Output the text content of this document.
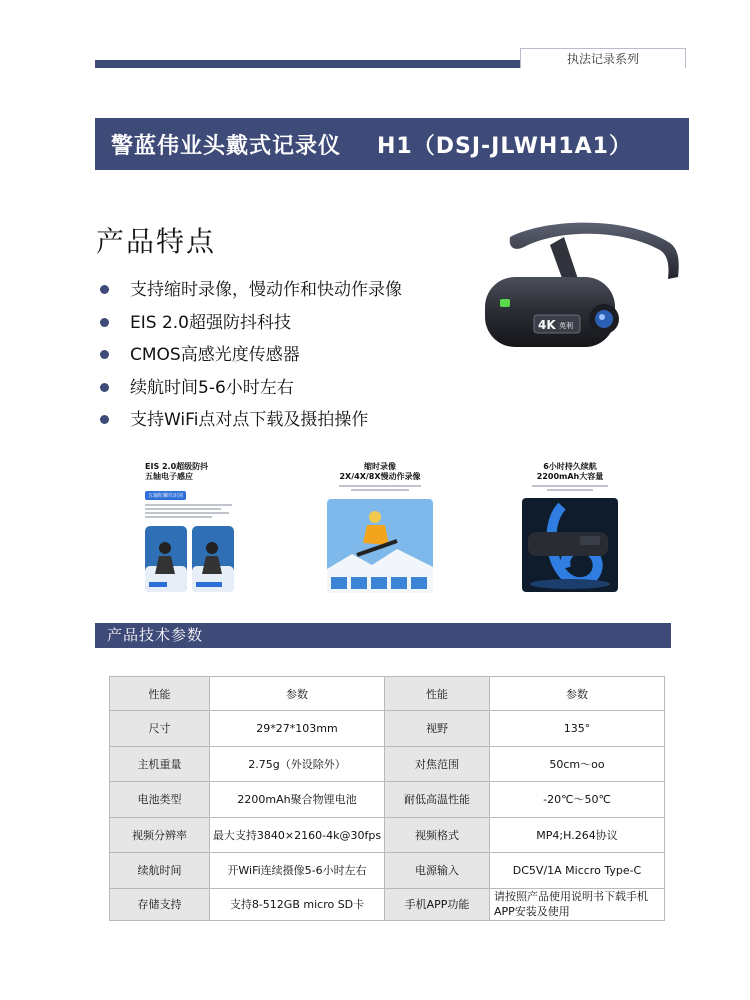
执法记录系列
警蓝伟业头戴式记录仪 H1（DSJ-JLWH1A1）
产品特点
支持缩时录像，慢动作和快动作录像
EIS 2.0超强防抖科技
CMOS高感光度传感器
续航时间5-6小时左右
支持WiFi点对点下载及摄拍操作
4K 英利
EIS 2.0超级防抖
五轴电子感应
五轴陀螺仪识别
缩时录像
2X/4X/8X慢动作录像
6小时持久续航
2200mAh大容量
产品技术参数
性能	参数	性能	参数
尺寸	29*27*103mm	视野	135°
主机重量	2.75g（外设除外）	对焦范围	50cm～oo
电池类型	2200mAh聚合物锂电池	耐低高温性能	-20℃～50℃
视频分辨率	最大支持3840×2160-4k@30fps	视频格式	MP4;H.264协议
续航时间	开WiFi连续摄像5-6小时左右	电源输入	DC5V/1A Miccro Type-C
存储支持	支持8-512GB micro SD卡	手机APP功能	请按照产品使用说明书下载手机APP安装及使用
